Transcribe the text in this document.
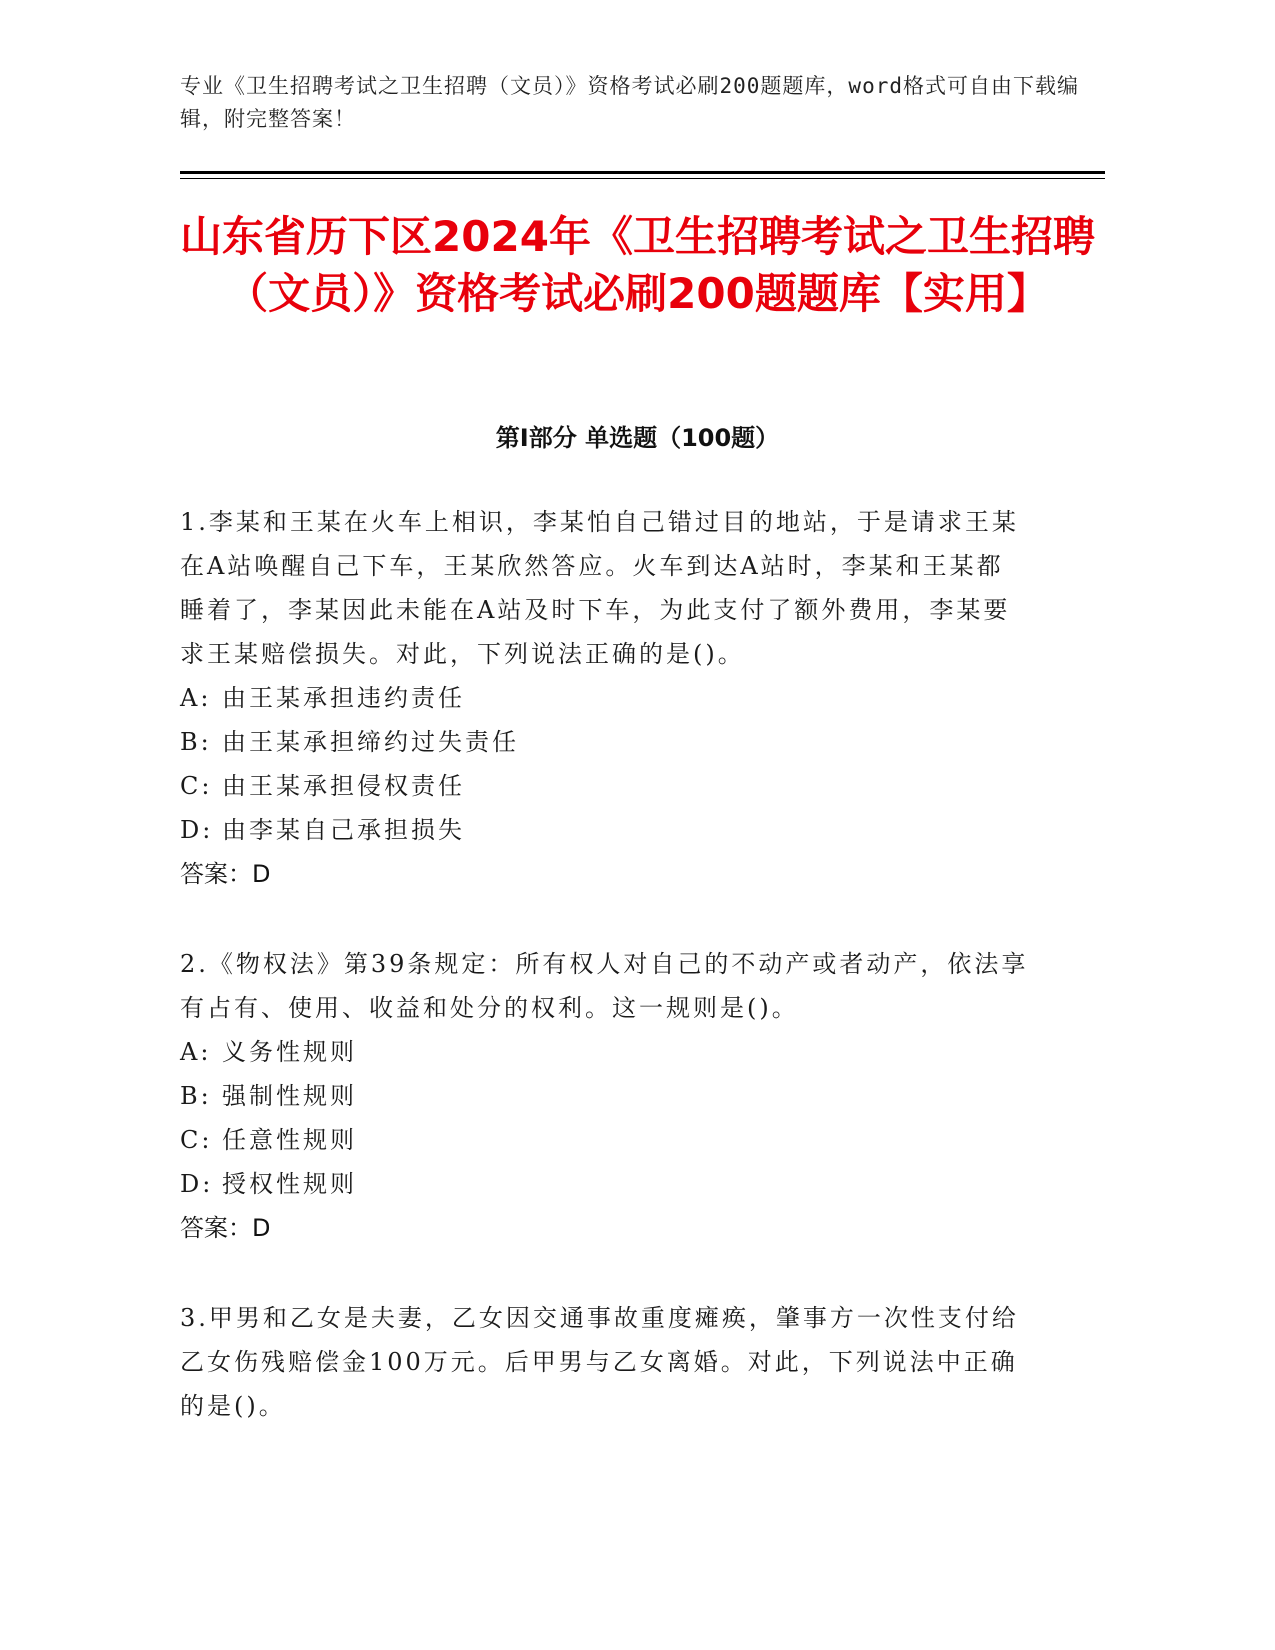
专业《卫生招聘考试之卫生招聘（文员）》资格考试必刷200题题库，word格式可自由下载编辑，附完整答案！
山东省历下区2024年《卫生招聘考试之卫生招聘（文员）》资格考试必刷200题题库【实用】
第Ⅰ部分 单选题（100题）

1.李某和王某在火车上相识，李某怕自己错过目的地站，于是请求王某在A站唤醒自己下车，王某欣然答应。火车到达A站时，李某和王某都睡着了，李某因此未能在A站及时下车，为此支付了额外费用，李某要求王某赔偿损失。对此，下列说法正确的是()。

A: 由王某承担违约责任
B: 由王某承担缔约过失责任
C: 由王某承担侵权责任
D: 由李某自己承担损失
答案：D

2.《物权法》第39条规定：所有权人对自己的不动产或者动产，依法享有占有、使用、收益和处分的权利。这一规则是()。

A: 义务性规则
B: 强制性规则
C: 任意性规则
D: 授权性规则
答案：D

3.甲男和乙女是夫妻，乙女因交通事故重度瘫痪，肇事方一次性支付给乙女伤残赔偿金100万元。后甲男与乙女离婚。对此，下列说法中正确的是()。
